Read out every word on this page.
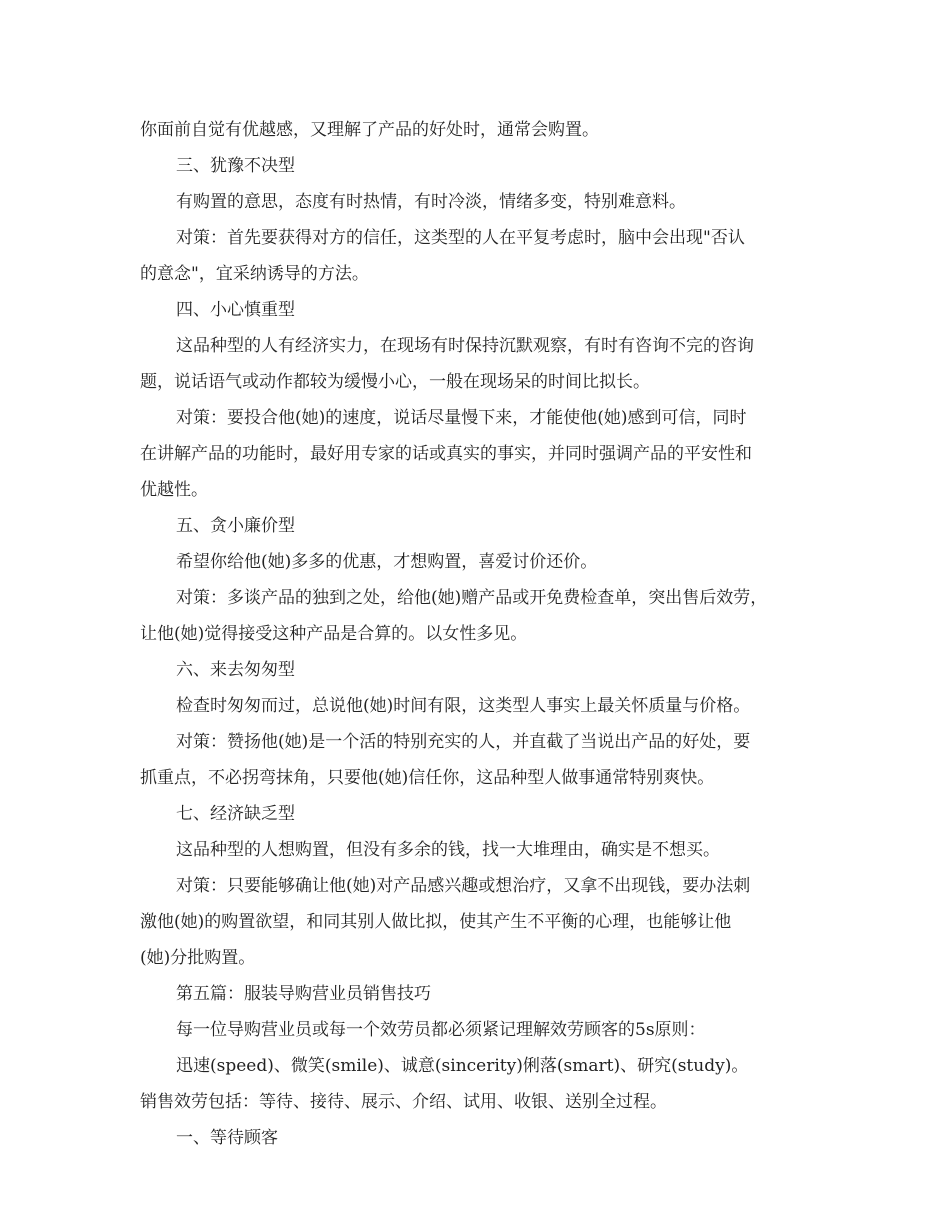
你面前自觉有优越感，又理解了产品的好处时，通常会购置。
三、犹豫不决型
有购置的意思，态度有时热情，有时冷淡，情绪多变，特别难意料。
对策：首先要获得对方的信任，这类型的人在平复考虑时，脑中会出现"否认
的意念"，宜采纳诱导的方法。
四、小心慎重型
这品种型的人有经济实力，在现场有时保持沉默观察，有时有咨询不完的咨询
题，说话语气或动作都较为缓慢小心，一般在现场呆的时间比拟长。
对策：要投合他(她)的速度，说话尽量慢下来，才能使他(她)感到可信，同时
在讲解产品的功能时，最好用专家的话或真实的事实，并同时强调产品的平安性和
优越性。
五、贪小廉价型
希望你给他(她)多多的优惠，才想购置，喜爱讨价还价。
对策：多谈产品的独到之处，给他(她)赠产品或开免费检查单，突出售后效劳，
让他(她)觉得接受这种产品是合算的。以女性多见。
六、来去匆匆型
检查时匆匆而过，总说他(她)时间有限，这类型人事实上最关怀质量与价格。
对策：赞扬他(她)是一个活的特别充实的人，并直截了当说出产品的好处，要
抓重点，不必拐弯抹角，只要他(她)信任你，这品种型人做事通常特别爽快。
七、经济缺乏型
这品种型的人想购置，但没有多余的钱，找一大堆理由，确实是不想买。
对策：只要能够确让他(她)对产品感兴趣或想治疗，又拿不出现钱，要办法刺
激他(她)的购置欲望，和同其别人做比拟，使其产生不平衡的心理，也能够让他
(她)分批购置。
第五篇：服装导购营业员销售技巧
每一位导购营业员或每一个效劳员都必须紧记理解效劳顾客的5s原则：
迅速(speed)、微笑(smile)、诚意(sincerity)俐落(smart)、研究(study)。
销售效劳包括：等待、接待、展示、介绍、试用、收银、送别全过程。
一、等待顾客
